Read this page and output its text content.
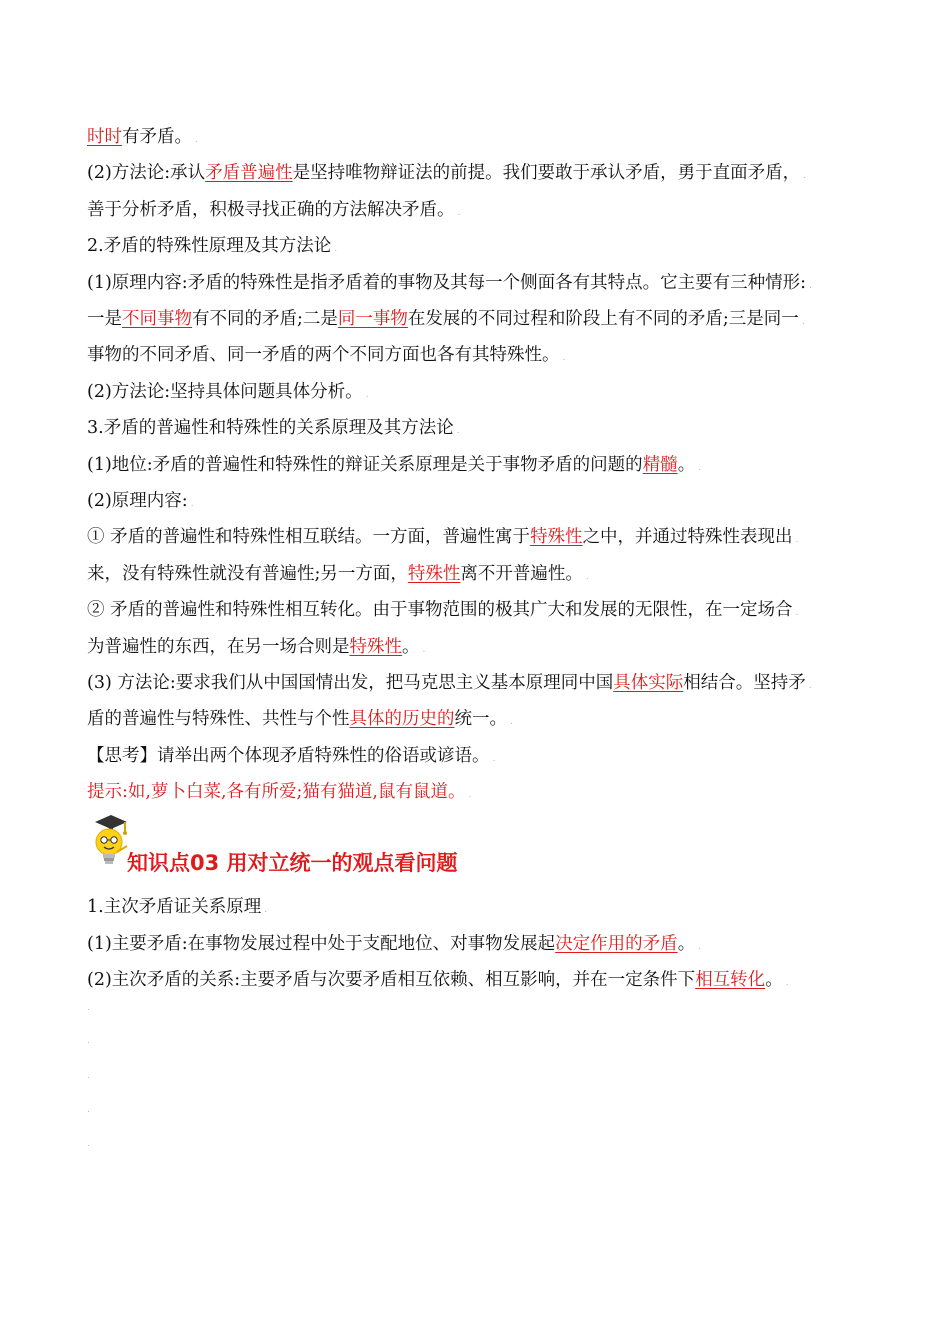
时时有矛盾。 .
(2)方法论:承认矛盾普遍性是坚持唯物辩证法的前提。我们要敢于承认矛盾，勇于直面矛盾， .
善于分析矛盾，积极寻找正确的方法解决矛盾。 .
2.矛盾的特殊性原理及其方法论 .
(1)原理内容:矛盾的特殊性是指矛盾着的事物及其每一个侧面各有其特点。它主要有三种情形: .
一是不同事物有不同的矛盾;二是同一事物在发展的不同过程和阶段上有不同的矛盾;三是同一 .
事物的不同矛盾、同一矛盾的两个不同方面也各有其特殊性。 .
(2)方法论:坚持具体问题具体分析。 .
3.矛盾的普遍性和特殊性的关系原理及其方法论 .
(1)地位:矛盾的普遍性和特殊性的辩证关系原理是关于事物矛盾的问题的精髓。 .
(2)原理内容: .
① 矛盾的普遍性和特殊性相互联结。一方面，普遍性寓于特殊性之中，并通过特殊性表现出 .
来，没有特殊性就没有普遍性;另一方面，特殊性离不开普遍性。 .
② 矛盾的普遍性和特殊性相互转化。由于事物范围的极其广大和发展的无限性，在一定场合 .
为普遍性的东西，在另一场合则是特殊性。 .
(3) 方法论:要求我们从中国国情出发，把马克思主义基本原理同中国具体实际相结合。坚持矛 .
盾的普遍性与特殊性、共性与个性具体的历史的统一。 .
【思考】请举出两个体现矛盾特殊性的俗语或谚语。 .
提示:如,萝卜白菜,各有所爱;猫有猫道,鼠有鼠道。 .
知识点03 用对立统一的观点看问题
1.主次矛盾证关系原理 .
(1)主要矛盾:在事物发展过程中处于支配地位、对事物发展起决定作用的矛盾。 .
(2)主次矛盾的关系:主要矛盾与次要矛盾相互依赖、相互影响，并在一定条件下相互转化。 .
.
.
.
.
.
